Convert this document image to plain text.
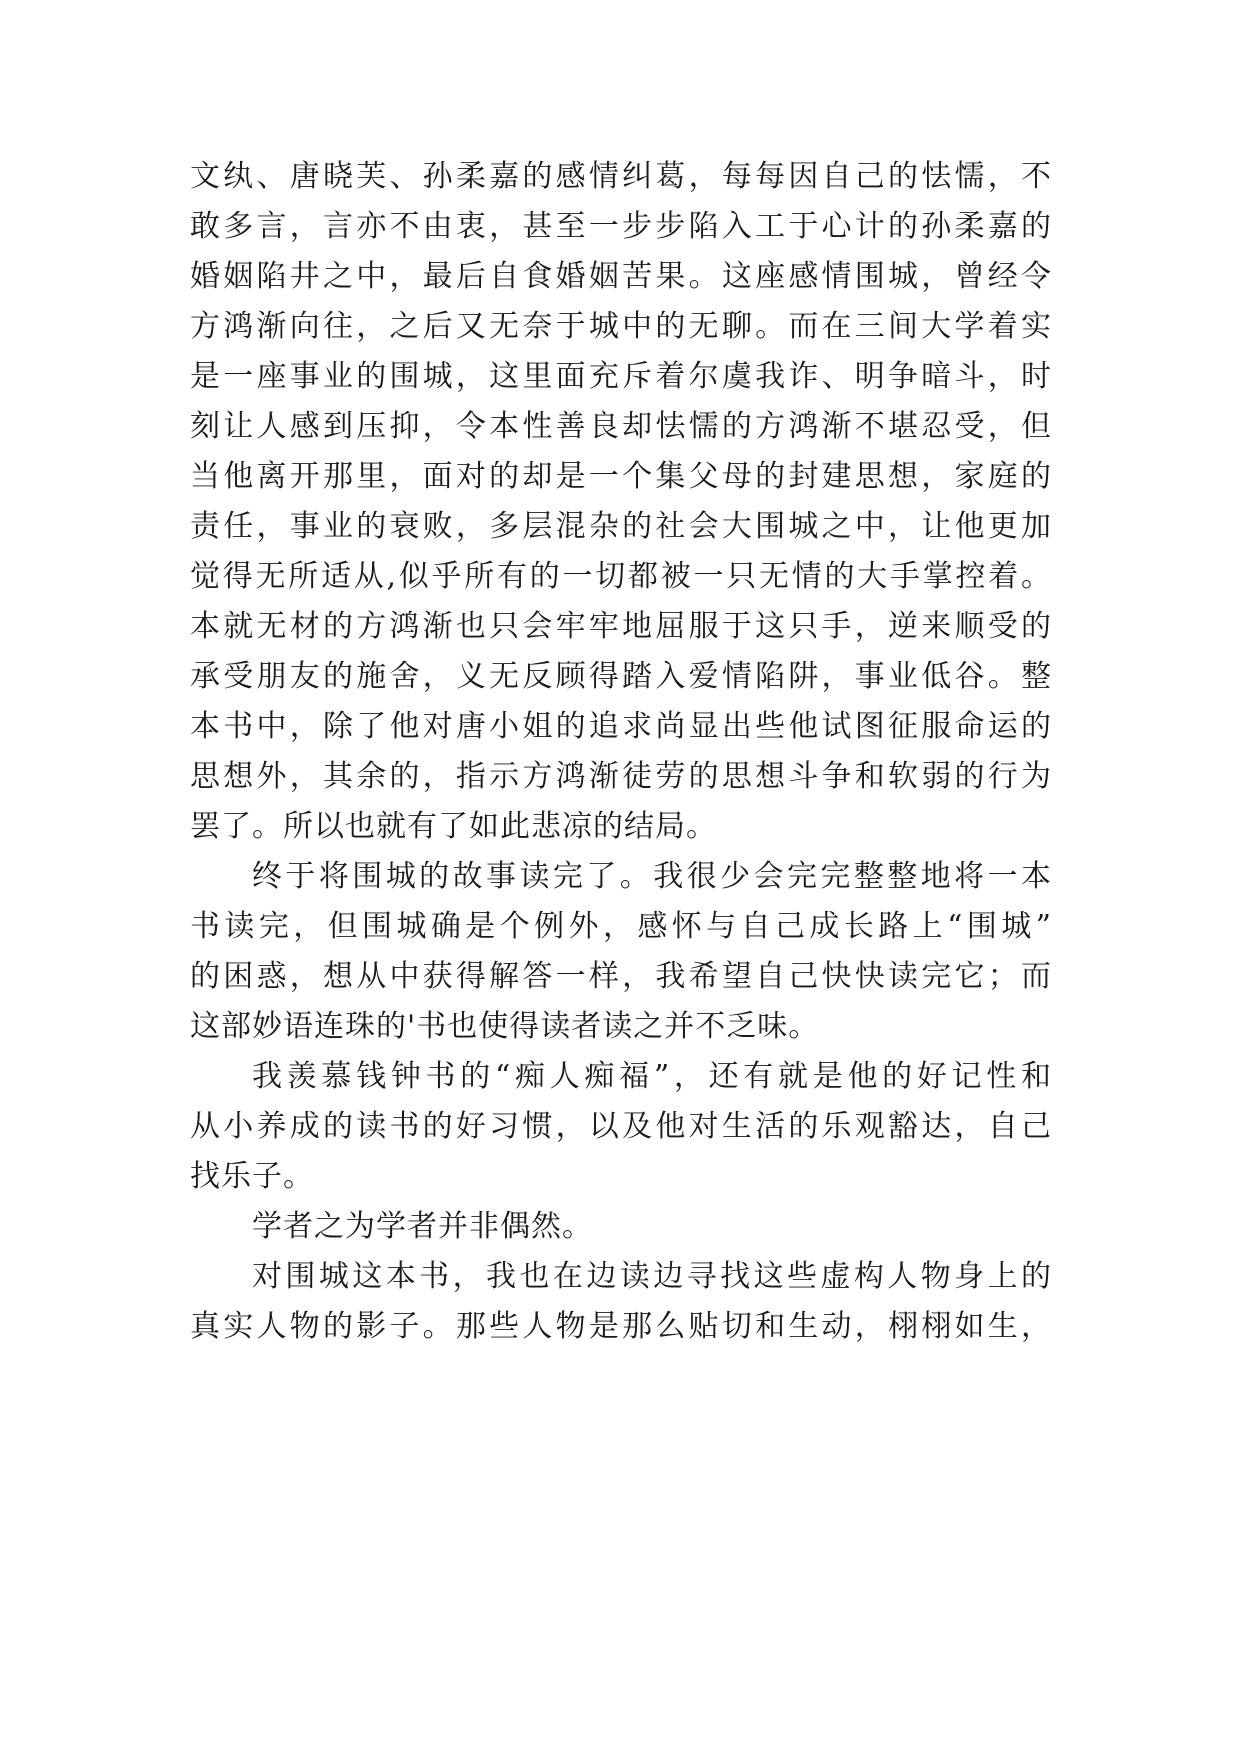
文纨、唐晓芙、孙柔嘉的感情纠葛，每每因自己的怯懦，不
敢多言，言亦不由衷，甚至一步步陷入工于心计的孙柔嘉的
婚姻陷井之中，最后自食婚姻苦果。这座感情围城，曾经令
方鸿渐向往，之后又无奈于城中的无聊。而在三间大学着实
是一座事业的围城，这里面充斥着尔虞我诈、明争暗斗，时
刻让人感到压抑，令本性善良却怯懦的方鸿渐不堪忍受，但
当他离开那里，面对的却是一个集父母的封建思想，家庭的
责任，事业的衰败，多层混杂的社会大围城之中，让他更加
觉得无所适从,似乎所有的一切都被一只无情的大手掌控着。
本就无材的方鸿渐也只会牢牢地屈服于这只手，逆来顺受的
承受朋友的施舍，义无反顾得踏入爱情陷阱，事业低谷。整
本书中，除了他对唐小姐的追求尚显出些他试图征服命运的
思想外，其余的，指示方鸿渐徒劳的思想斗争和软弱的行为
罢了。所以也就有了如此悲凉的结局。
终于将围城的故事读完了。我很少会完完整整地将一本
书读完，但围城确是个例外，感怀与自己成长路上“围城”
的困惑，想从中获得解答一样，我希望自己快快读完它；而
这部妙语连珠的'书也使得读者读之并不乏味。
我羡慕钱钟书的“痴人痴福”，还有就是他的好记性和
从小养成的读书的好习惯，以及他对生活的乐观豁达，自己
找乐子。
学者之为学者并非偶然。
对围城这本书，我也在边读边寻找这些虚构人物身上的
真实人物的影子。那些人物是那么贴切和生动，栩栩如生，
